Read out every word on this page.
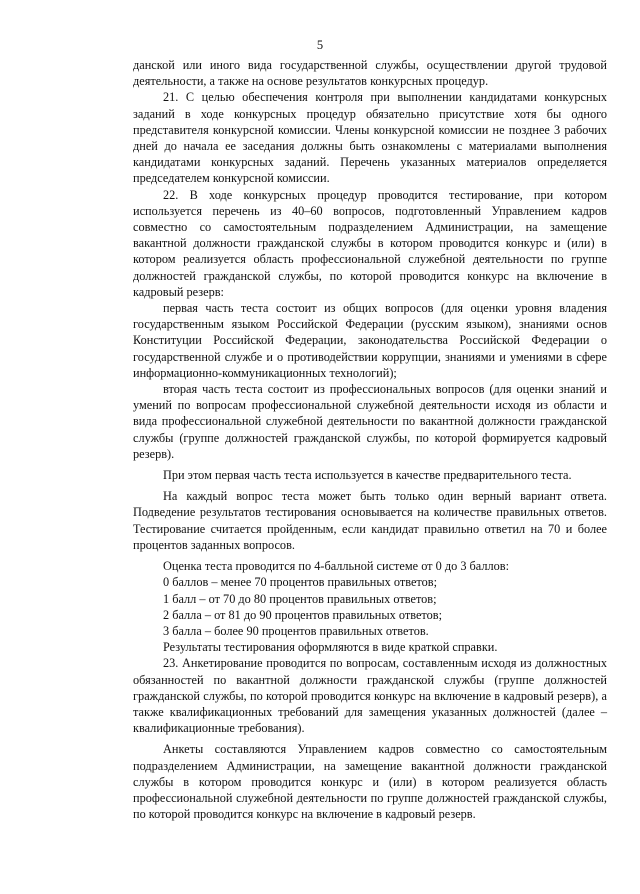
5

данской или иного вида государственной службы, осуществлении другой трудовой деятельности, а также на основе результатов конкурсных процедур.

21. С целью обеспечения контроля при выполнении кандидатами конкурсных заданий в ходе конкурсных процедур обязательно присутствие хотя бы одного представителя конкурсной комиссии. Члены конкурсной комиссии не позднее 3 рабочих дней до начала ее заседания должны быть ознакомлены с материалами выполнения кандидатами конкурсных заданий. Перечень указанных материалов определяется председателем конкурсной комиссии.

22. В ходе конкурсных процедур проводится тестирование, при котором используется перечень из 40–60 вопросов, подготовленный Управлением кадров совместно со самостоятельным подразделением Администрации, на замещение вакантной должности гражданской службы в котором проводится конкурс и (или) в котором реализуется область профессиональной служебной деятельности по группе должностей гражданской службы, по которой проводится конкурс на включение в кадровый резерв:

первая часть теста состоит из общих вопросов (для оценки уровня владения государственным языком Российской Федерации (русским языком), знаниями основ Конституции Российской Федерации, законодательства Российской Федерации о государственной службе и о противодействии коррупции, знаниями и умениями в сфере информационно-коммуникационных технологий);

вторая часть теста состоит из профессиональных вопросов (для оценки знаний и умений по вопросам профессиональной служебной деятельности исходя из области и вида профессиональной служебной деятельности по вакантной должности гражданской службы (группе должностей гражданской службы, по которой формируется кадровый резерв).

При этом первая часть теста используется в качестве предварительного теста.

На каждый вопрос теста может быть только один верный вариант ответа. Подведение результатов тестирования основывается на количестве правильных ответов. Тестирование считается пройденным, если кандидат правильно ответил на 70 и более процентов заданных вопросов.

Оценка теста проводится по 4-балльной системе от 0 до 3 баллов:

0 баллов – менее 70 процентов правильных ответов;

1 балл – от 70 до 80 процентов правильных ответов;

2 балла – от 81 до 90 процентов правильных ответов;

3 балла – более 90 процентов правильных ответов.

Результаты тестирования оформляются в виде краткой справки.

23. Анкетирование проводится по вопросам, составленным исходя из должностных обязанностей по вакантной должности гражданской службы (группе должностей гражданской службы, по которой проводится конкурс на включение в кадровый резерв), а также квалификационных требований для замещения указанных должностей (далее – квалификационные требования).

Анкеты составляются Управлением кадров совместно со самостоятельным подразделением Администрации, на замещение вакантной должности гражданской службы в котором проводится конкурс и (или) в котором реализуется область профессиональной служебной деятельности по группе должностей гражданской службы, по которой проводится конкурс на включение в кадровый резерв.
